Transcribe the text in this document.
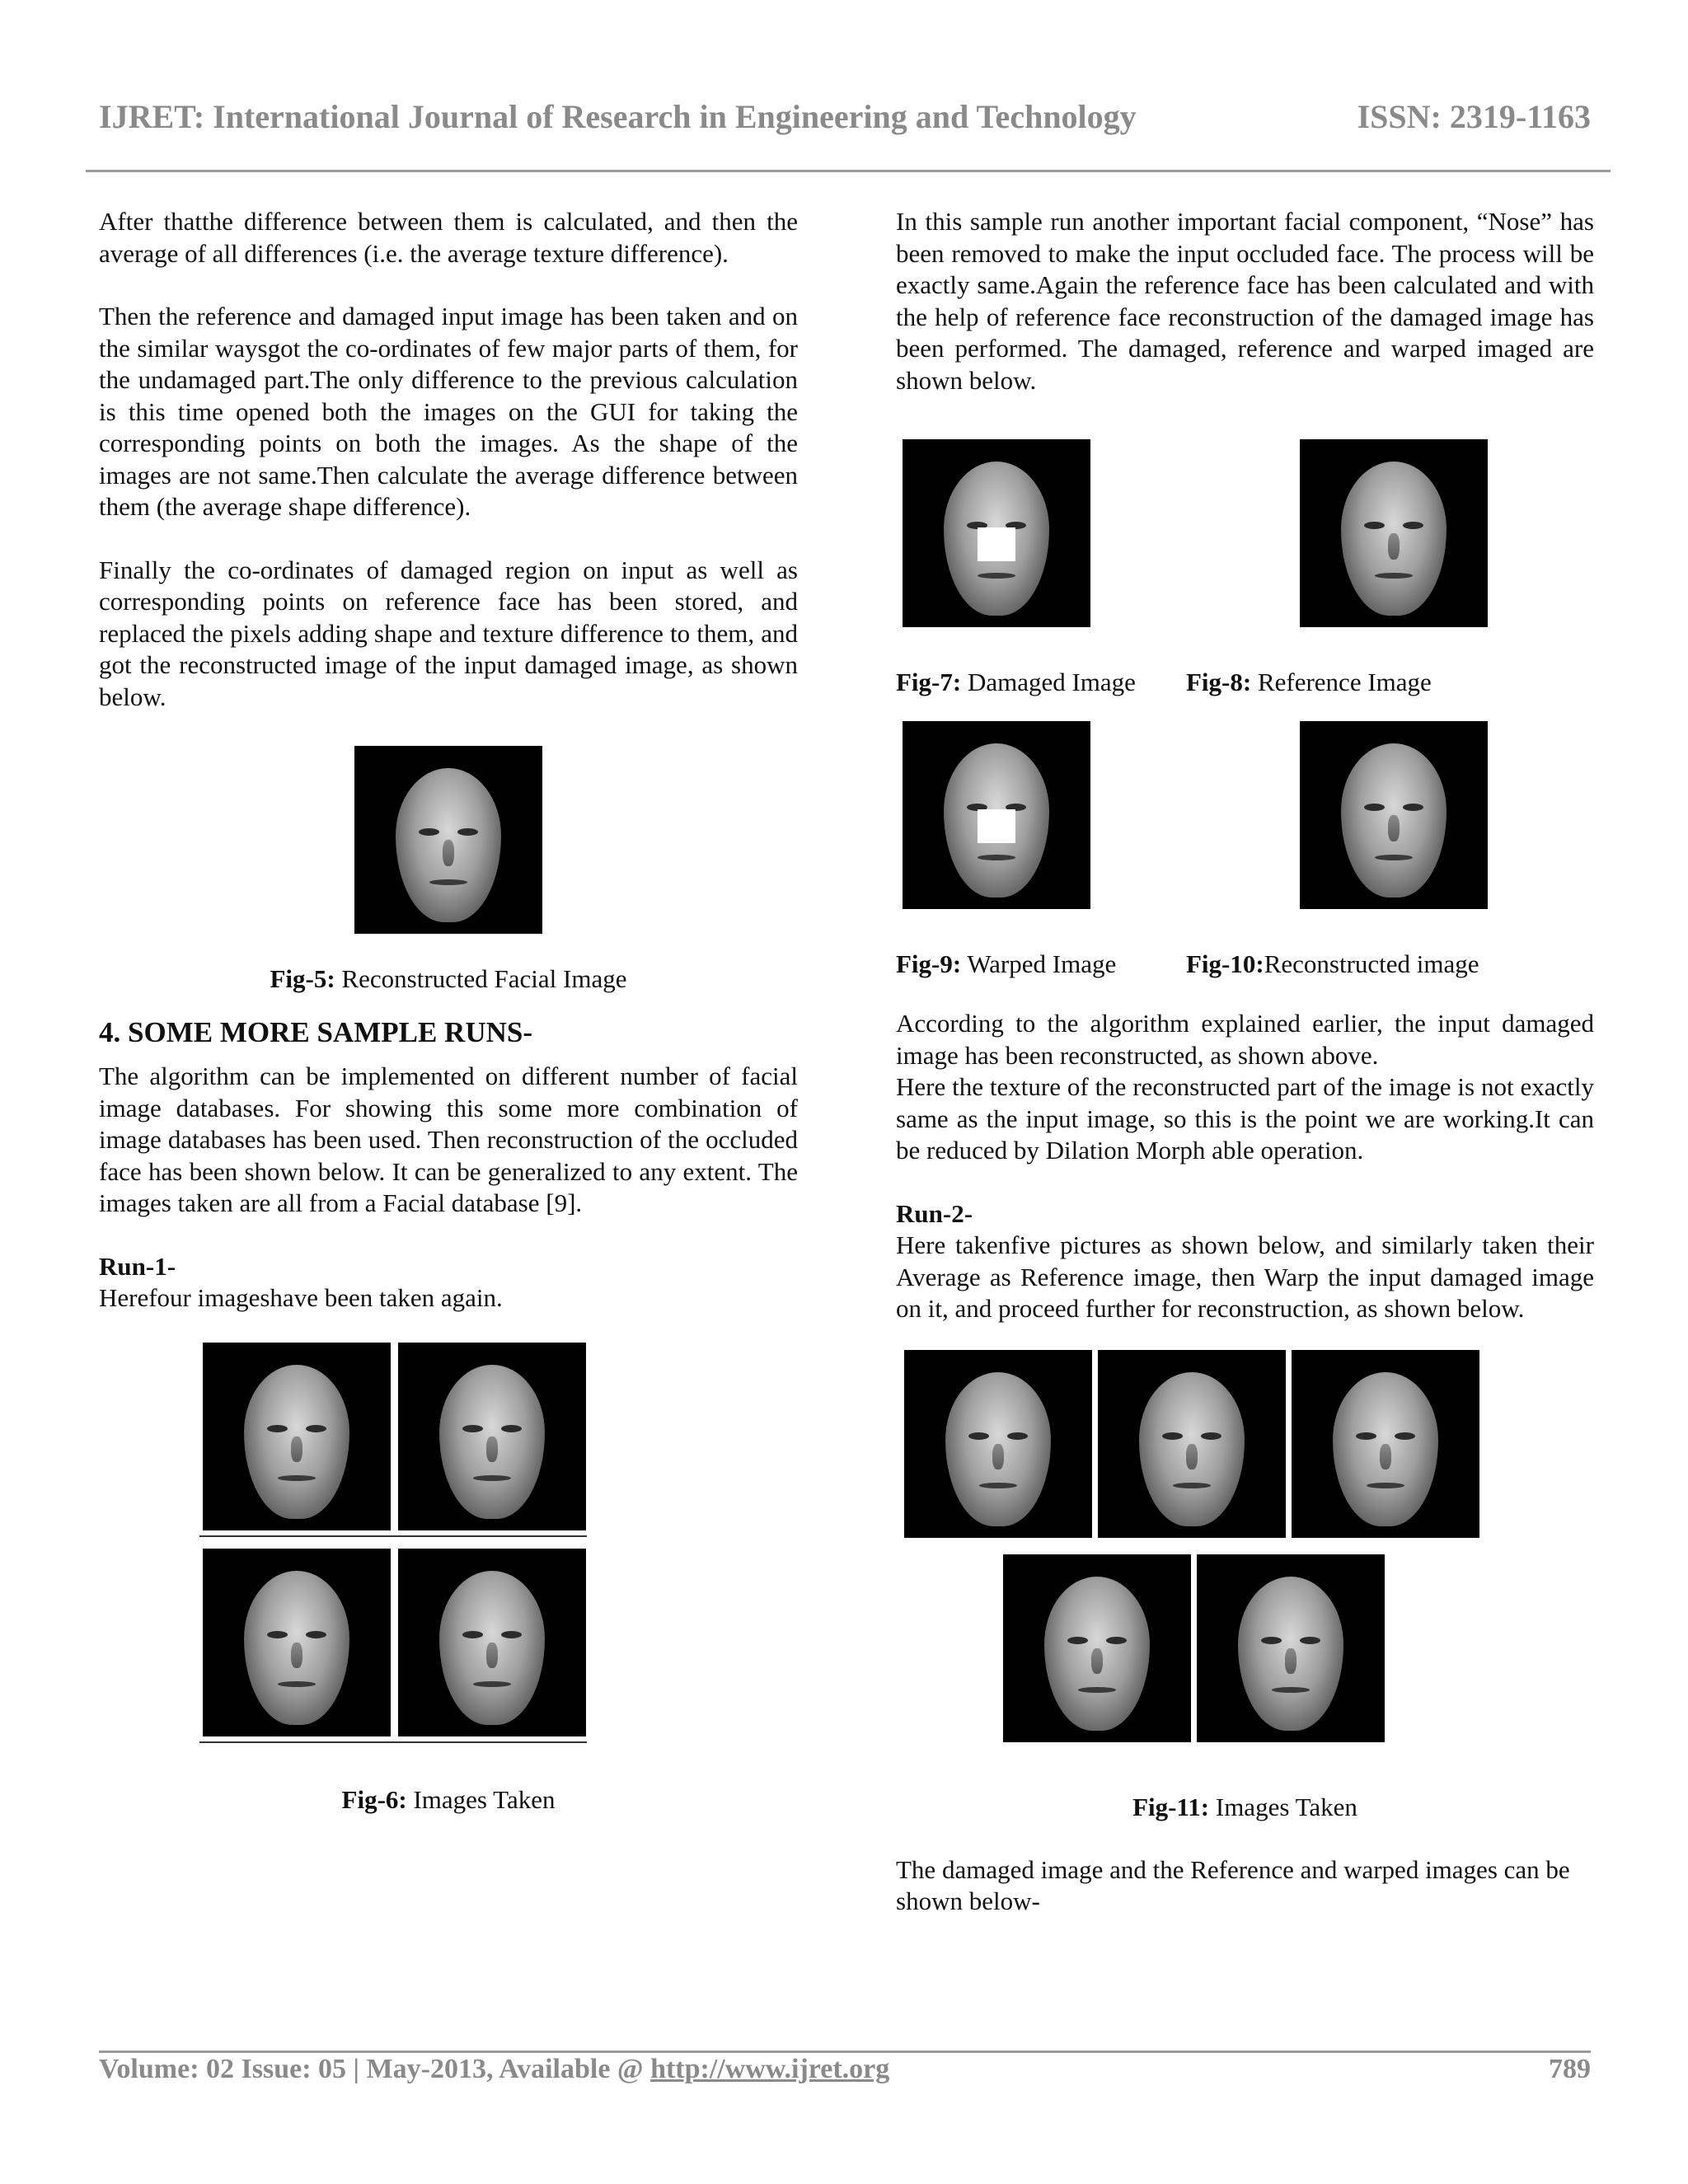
IJRET: International Journal of Research in Engineering and Technology	ISSN: 2319-1163

After thatthe difference between them is calculated, and then the average of all differences (i.e. the average texture difference).

Then the reference and damaged input image has been taken and on the similar waysgot the co-ordinates of few major parts of them, for the undamaged part.The only difference to the previous calculation is this time opened both the images on the GUI for taking the corresponding points on both the images. As the shape of the images are not same.Then calculate the average difference between them (the average shape difference).

Finally the co-ordinates of damaged region on input as well as corresponding points on reference face has been stored, and replaced the pixels adding shape and texture difference to them, and got the reconstructed image of the input damaged image, as shown below.

Fig-5: Reconstructed Facial Image

4. SOME MORE SAMPLE RUNS-

The algorithm can be implemented on different number of facial image databases. For showing this some more combination of image databases has been used. Then reconstruction of the occluded face has been shown below. It can be generalized to any extent. The images taken are all from a Facial database [9].

Run-1-

Herefour imageshave been taken again.

Fig-6: Images Taken

In this sample run another important facial component, “Nose” has been removed to make the input occluded face. The process will be exactly same.Again the reference face has been calculated and with the help of reference face reconstruction of the damaged image has been performed. The damaged, reference and warped imaged are shown below.

Fig-7: Damaged Image Fig-8: Reference Image
Fig-9: Warped Image	Fig-10:Reconstructed image

According to the algorithm explained earlier, the input damaged image has been reconstructed, as shown above.

Here the texture of the reconstructed part of the image is not exactly same as the input image, so this is the point we are working.It can be reduced by Dilation Morph able operation.

Run-2-

Here takenfive pictures as shown below, and similarly taken their Average as Reference image, then Warp the input damaged image on it, and proceed further for reconstruction, as shown below.

Fig-11: Images Taken

The damaged image and the Reference and warped images can be shown below-

Volume: 02 Issue: 05 | May-2013, Available @ http://www.ijret.org	789
